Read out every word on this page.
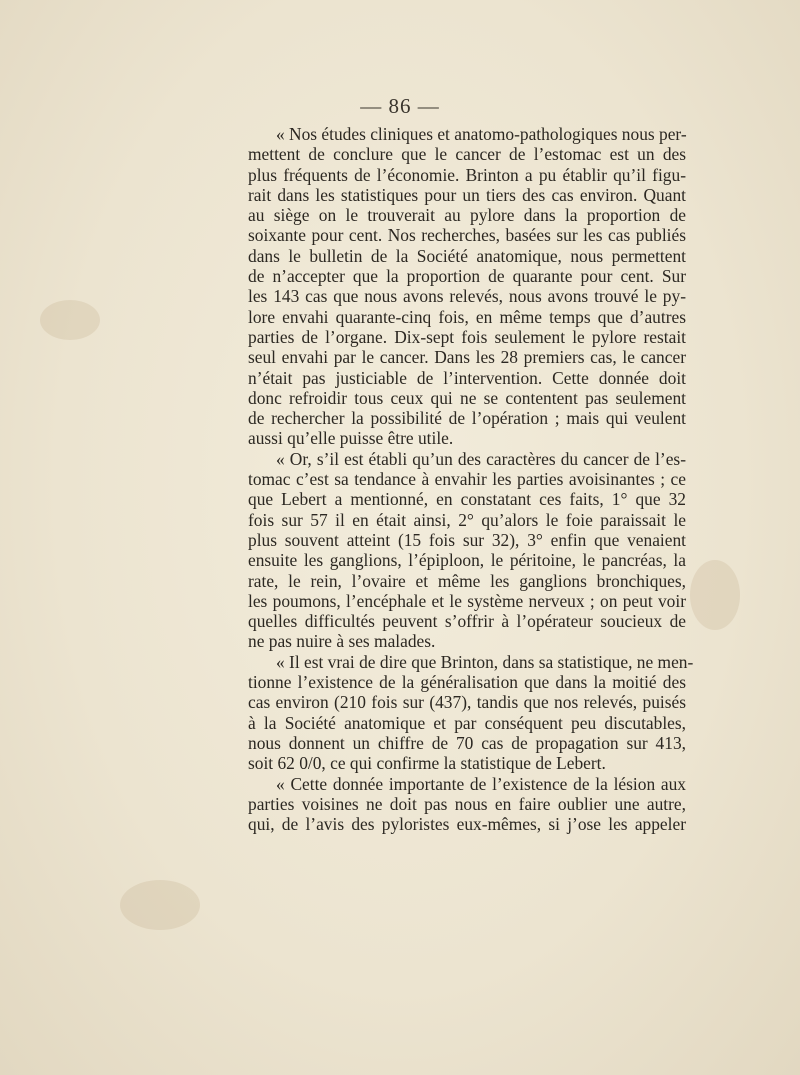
— 86 —
« Nos études cliniques et anatomo-pathologiques nous per-
mettent de conclure que le cancer de l’estomac est un des
plus fréquents de l’économie. Brinton a pu établir qu’il figu-
rait dans les statistiques pour un tiers des cas environ. Quant
au siège on le trouverait au pylore dans la proportion de
soixante pour cent. Nos recherches, basées sur les cas publiés
dans le bulletin de la Société anatomique, nous permettent
de n’accepter que la proportion de quarante pour cent. Sur
les 143 cas que nous avons relevés, nous avons trouvé le py-
lore envahi quarante-cinq fois, en même temps que d’autres
parties de l’organe. Dix-sept fois seulement le pylore restait
seul envahi par le cancer. Dans les 28 premiers cas, le cancer
n’était pas justiciable de l’intervention. Cette donnée doit
donc refroidir tous ceux qui ne se contentent pas seulement
de rechercher la possibilité de l’opération ; mais qui veulent
aussi qu’elle puisse être utile.
« Or, s’il est établi qu’un des caractères du cancer de l’es-
tomac c’est sa tendance à envahir les parties avoisinantes ; ce
que Lebert a mentionné, en constatant ces faits, 1° que 32
fois sur 57 il en était ainsi, 2° qu’alors le foie paraissait le
plus souvent atteint (15 fois sur 32), 3° enfin que venaient
ensuite les ganglions, l’épiploon, le péritoine, le pancréas, la
rate, le rein, l’ovaire et même les ganglions bronchiques,
les poumons, l’encéphale et le système nerveux ; on peut voir
quelles difficultés peuvent s’offrir à l’opérateur soucieux de
ne pas nuire à ses malades.
« Il est vrai de dire que Brinton, dans sa statistique, ne men-
tionne l’existence de la généralisation que dans la moitié des
cas environ (210 fois sur (437), tandis que nos relevés, puisés
à la Société anatomique et par conséquent peu discutables,
nous donnent un chiffre de 70 cas de propagation sur 413,
soit 62 0/0, ce qui confirme la statistique de Lebert.
« Cette donnée importante de l’existence de la lésion aux
parties voisines ne doit pas nous en faire oublier une autre,
qui, de l’avis des pyloristes eux-mêmes, si j’ose les appeler
